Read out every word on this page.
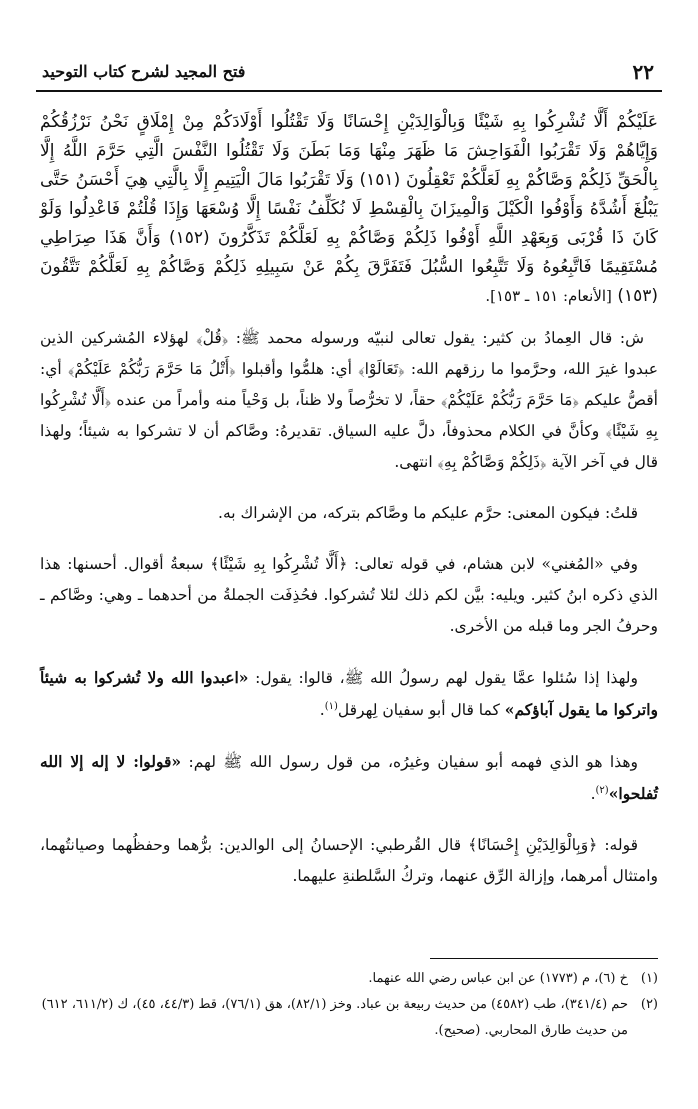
٢٢
فتح المجيد لشرح كتاب التوحيد

عَلَيْكُمْ أَلَّا تُشْرِكُوا بِهِ شَيْئًا وَبِالْوَالِدَيْنِ إِحْسَانًا وَلَا تَقْتُلُوا أَوْلَادَكُمْ مِنْ إِمْلَاقٍ نَحْنُ نَرْزُقُكُمْ وَإِيَّاهُمْ وَلَا تَقْرَبُوا الْفَوَاحِشَ مَا ظَهَرَ مِنْهَا وَمَا بَطَنَ وَلَا تَقْتُلُوا النَّفْسَ الَّتِي حَرَّمَ اللَّهُ إِلَّا بِالْحَقِّ ذَلِكُمْ وَصَّاكُمْ بِهِ لَعَلَّكُمْ تَعْقِلُونَ (١٥١) وَلَا تَقْرَبُوا مَالَ الْيَتِيمِ إِلَّا بِالَّتِي هِيَ أَحْسَنُ حَتَّى يَبْلُغَ أَشُدَّهُ وَأَوْفُوا الْكَيْلَ وَالْمِيزَانَ بِالْقِسْطِ لَا نُكَلِّفُ نَفْسًا إِلَّا وُسْعَهَا وَإِذَا قُلْتُمْ فَاعْدِلُوا وَلَوْ كَانَ ذَا قُرْبَى وَبِعَهْدِ اللَّهِ أَوْفُوا ذَلِكُمْ وَصَّاكُمْ بِهِ لَعَلَّكُمْ تَذَكَّرُونَ (١٥٢) وَأَنَّ هَذَا صِرَاطِي مُسْتَقِيمًا فَاتَّبِعُوهُ وَلَا تَتَّبِعُوا السُّبُلَ فَتَفَرَّقَ بِكُمْ عَنْ سَبِيلِهِ ذَلِكُمْ وَصَّاكُمْ بِهِ لَعَلَّكُمْ تَتَّقُونَ (١٥٣) [الأنعام: ١٥١ ـ ١٥٣].

ش: قال العِمادُ بن كثير: يقول تعالى لنبيّه ورسوله محمد ﷺ: ﴿قُلْ﴾ لهؤلاء المُشركين الذين عبدوا غيرَ الله، وحرَّموا ما رزقهم الله: ﴿تَعَالَوْا﴾ أي: هلمُّوا وأقبلوا ﴿أَتْلُ مَا حَرَّمَ رَبُّكُمْ عَلَيْكُمْ﴾ أي: أقصُّ عليكم ﴿مَا حَرَّمَ رَبُّكُمْ عَلَيْكُمْ﴾ حقاً، لا تخرُّصاً ولا ظناً، بل وَحْياً منه وأمراً من عنده ﴿أَلَّا تُشْرِكُوا بِهِ شَيْئًا﴾ وكأنَّ في الكلام محذوفاً، دلَّ عليه السياق. تقديرهُ: وصَّاكم أن لا تشركوا به شيئاً؛ ولهذا قال في آخر الآية ﴿ذَلِكُمْ وَصَّاكُمْ بِهِ﴾ انتهى.

قلتُ: فيكون المعنى: حرَّم عليكم ما وصَّاكم بتركه، من الإشراك به.

وفي «المُغني» لابن هشام، في قوله تعالى: ﴿أَلَّا تُشْرِكُوا بِهِ شَيْئًا﴾ سبعةُ أقوال. أحسنها: هذا الذي ذكره ابنُ كثير. ويليه: بيَّن لكم ذلك لئلا تُشركوا. فحُذِفَت الجملةُ من أحدهما ـ وهي: وصَّاكم ـ وحرفُ الجر وما قبله من الأخرى.

ولهذا إذا سُئلوا عمَّا يقول لهم رسولُ الله ﷺ، قالوا: يقول: «اعبدوا الله ولا تُشركوا به شيئاً واتركوا ما يقول آباؤكم» كما قال أبو سفيان لِهرقل$^{(١)}$.

وهذا هو الذي فهمه أبو سفيان وغيرُه، من قول رسول الله ﷺ لهم: «قولوا: لا إله إلا الله تُفلحوا»$^{(٢)}$.

قوله: ﴿وَبِالْوَالِدَيْنِ إِحْسَانًا﴾ قال القُرطبي: الإحسانُ إلى الوالدين: برُّهما وحفظُهما وصيانتُهما، وامتثال أمرهما، وإزالة الرِّق عنهما، وتركُ السَّلطنةِ عليهما.

(١)
خ (٦)، م (١٧٧٣) عن ابن عباس رضي الله عنهما.
(٢)
حم (٣٤١/٤)، طب (٤٥٨٢) من حديث ربيعة بن عباد. وخز (٨٢/١)، هق (٧٦/١)، قط (٤٤/٣، ٤٥)، ك (٦١١/٢، ٦١٢) من حديث طارق المحاربي. (صحيح).
